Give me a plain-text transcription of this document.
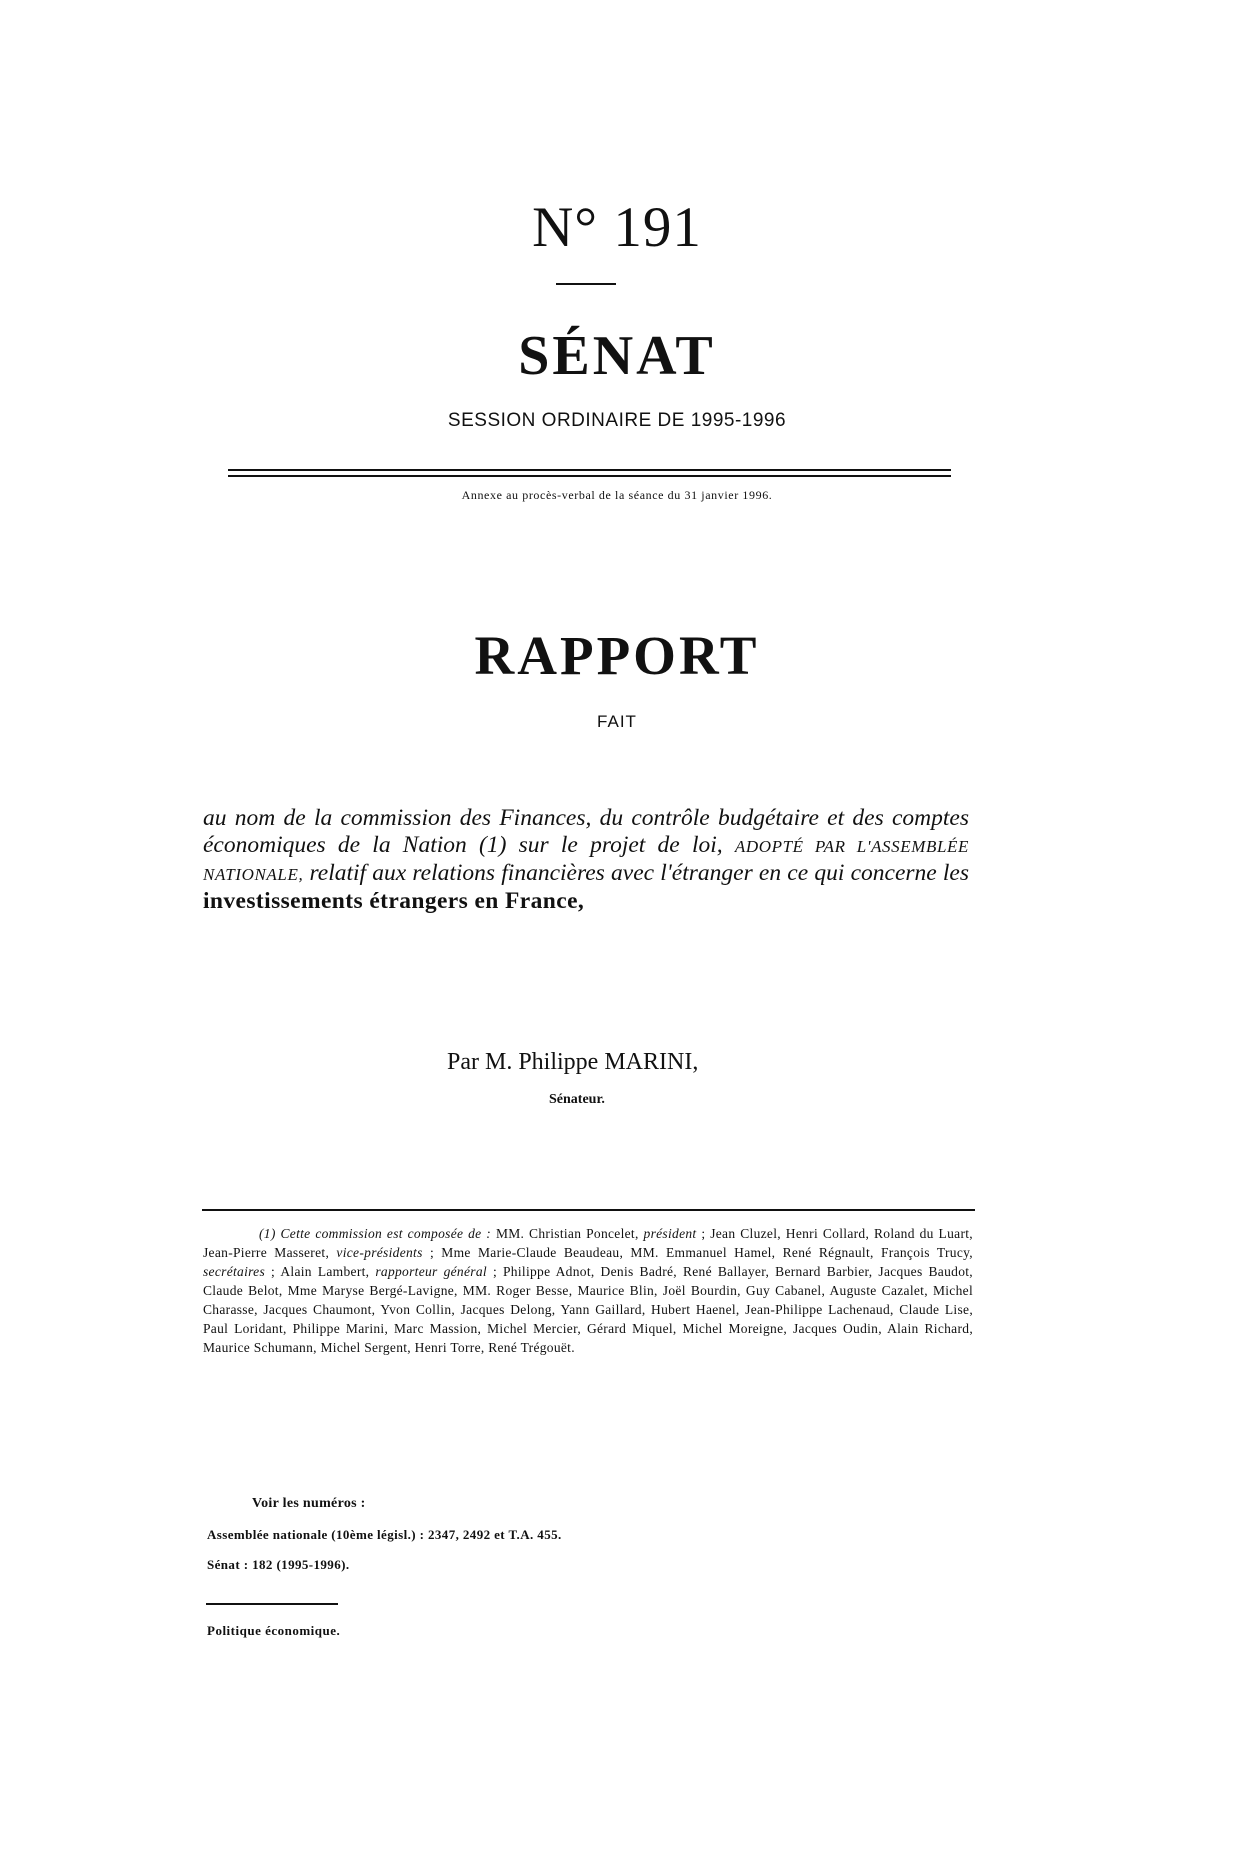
N° 191
SÉNAT
SESSION ORDINAIRE DE 1995-1996
Annexe au procès-verbal de la séance du 31 janvier 1996.
RAPPORT
FAIT

au nom de la commission des Finances, du contrôle budgétaire et des comptes économiques de la Nation (1) sur le projet de loi, ADOPTÉ PAR L'ASSEMBLÉE NATIONALE, relatif aux relations financières avec l'étranger en ce qui concerne les investissements étrangers en France,

Par M. Philippe MARINI,
Sénateur.

(1) Cette commission est composée de : MM. Christian Poncelet, président ; Jean Cluzel, Henri Collard, Roland du Luart, Jean-Pierre Masseret, vice-présidents ; Mme Marie-Claude Beaudeau, MM. Emmanuel Hamel, René Régnault, François Trucy, secrétaires ; Alain Lambert, rapporteur général ; Philippe Adnot, Denis Badré, René Ballayer, Bernard Barbier, Jacques Baudot, Claude Belot, Mme Maryse Bergé-Lavigne, MM. Roger Besse, Maurice Blin, Joël Bourdin, Guy Cabanel, Auguste Cazalet, Michel Charasse, Jacques Chaumont, Yvon Collin, Jacques Delong, Yann Gaillard, Hubert Haenel, Jean-Philippe Lachenaud, Claude Lise, Paul Loridant, Philippe Marini, Marc Massion, Michel Mercier, Gérard Miquel, Michel Moreigne, Jacques Oudin, Alain Richard, Maurice Schumann, Michel Sergent, Henri Torre, René Trégouët.

Voir les numéros :
Assemblée nationale (10ème législ.) : 2347, 2492 et T.A. 455.
Sénat : 182 (1995-1996).
Politique économique.
